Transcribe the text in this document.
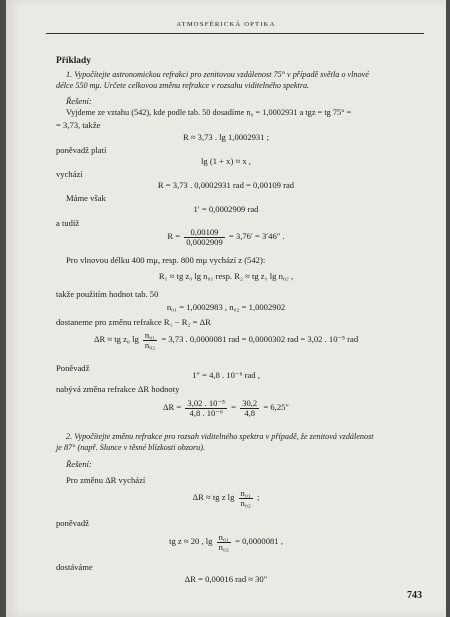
ATMOSFÉRICKÁ OPTIKA
Příklady
1. Vypočítejte astronomickou refrakci pro zenitovou vzdálenost 75° v případě světla o vlnové
délce 550 mμ. Určete celkovou změnu refrakce v rozsahu viditelného spektra.
Řešení:
Vyjdeme ze vztahu (542), kde podle tab. 50 dosadíme n₀ = 1,0002931 a tgz = tg 75° =
= 3,73, takže
R ≈ 3,73 . lg 1,0002931 ;
poněvadž platí
lg (1 + x) ≈ x ,
vychází
R = 3,73 . 0,0002931 rad = 0,00109 rad
Máme však
1′ = 0,0002909 rad
a tudíž
$R = \frac{0,00109}{0,0002909} = 3,76' = 3'46''$ .
Pro vlnovou délku 400 mμ, resp. 800 mμ vychází z (542):
R₁ ≈ tg z₀ lg n₀₁ resp. R₂ ≈ tg z₁ lg n₀₂ ,
takže použitím hodnot tab. 50
n₀₁ = 1,0002983 , n₀₂ = 1,0002902
dostaneme pro změnu refrakce R₁ − R₂ = ΔR
ΔR ≈ tg z₀ $\lg \frac{\text{n₀₁}}{\text{n₀₂}} = 3,73$ . 0,0000081 rad = 0,0000302 rad = 3,02 . 10⁻⁵ rad
Poněvadž
1″ = 4,8 . 10⁻⁶ rad ,
nabývá změna refrakce ΔR hodnoty
$\Delta R = \frac{\text{3,02 . 10⁻⁵}}{\text{4,8 . 10⁻⁶}} = \frac{30,2}{4,8} = 6,25''$
2. Vypočítejte změnu refrakce pro rozsah viditelného spektra v případě, že zenitová vzdálenost
je 87° (např. Slunce v těsné blízkosti obzoru).
Řešení:
Pro změnu ΔR vychází
ΔR ≈ tg z $\lg \frac{\text{n₀₁}}{\text{n₀₂}}$ ;
poněvadž
tg z ≈ 20 , $\lg \frac{\text{n₀₁}}{\text{n₀₂}} = 0,0000081$ ,
dostáváme
ΔR = 0,00016 rad ≈ 30″
743
